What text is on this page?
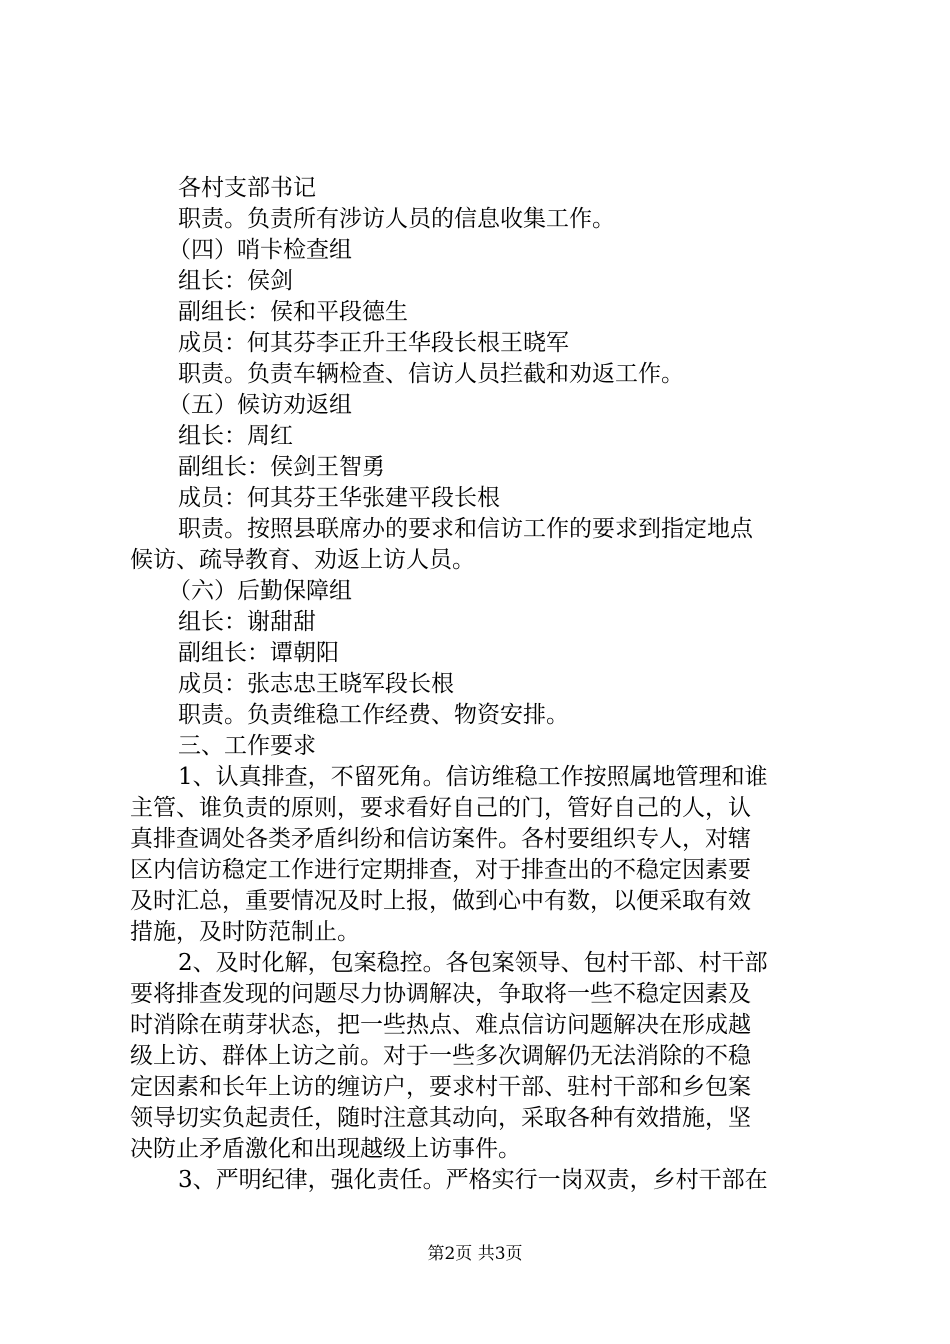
各村支部书记
职责。负责所有涉访人员的信息收集工作。
（四）哨卡检查组
组长：侯剑
副组长：侯和平段德生
成员：何其芬李正升王华段长根王晓军
职责。负责车辆检查、信访人员拦截和劝返工作。
（五）候访劝返组
组长：周红
副组长：侯剑王智勇
成员：何其芬王华张建平段长根
职责。按照县联席办的要求和信访工作的要求到指定地点
候访、疏导教育、劝返上访人员。
（六）后勤保障组
组长：谢甜甜
副组长：谭朝阳
成员：张志忠王晓军段长根
职责。负责维稳工作经费、物资安排。
三、工作要求
1、认真排查，不留死角。信访维稳工作按照属地管理和谁
主管、谁负责的原则，要求看好自己的门，管好自己的人，认
真排查调处各类矛盾纠纷和信访案件。各村要组织专人，对辖
区内信访稳定工作进行定期排查，对于排查出的不稳定因素要
及时汇总，重要情况及时上报，做到心中有数，以便采取有效
措施，及时防范制止。
2、及时化解，包案稳控。各包案领导、包村干部、村干部
要将排查发现的问题尽力协调解决，争取将一些不稳定因素及
时消除在萌芽状态，把一些热点、难点信访问题解决在形成越
级上访、群体上访之前。对于一些多次调解仍无法消除的不稳
定因素和长年上访的缠访户，要求村干部、驻村干部和乡包案
领导切实负起责任，随时注意其动向，采取各种有效措施，坚
决防止矛盾激化和出现越级上访事件。
3、严明纪律，强化责任。严格实行一岗双责，乡村干部在
第2页 共3页
